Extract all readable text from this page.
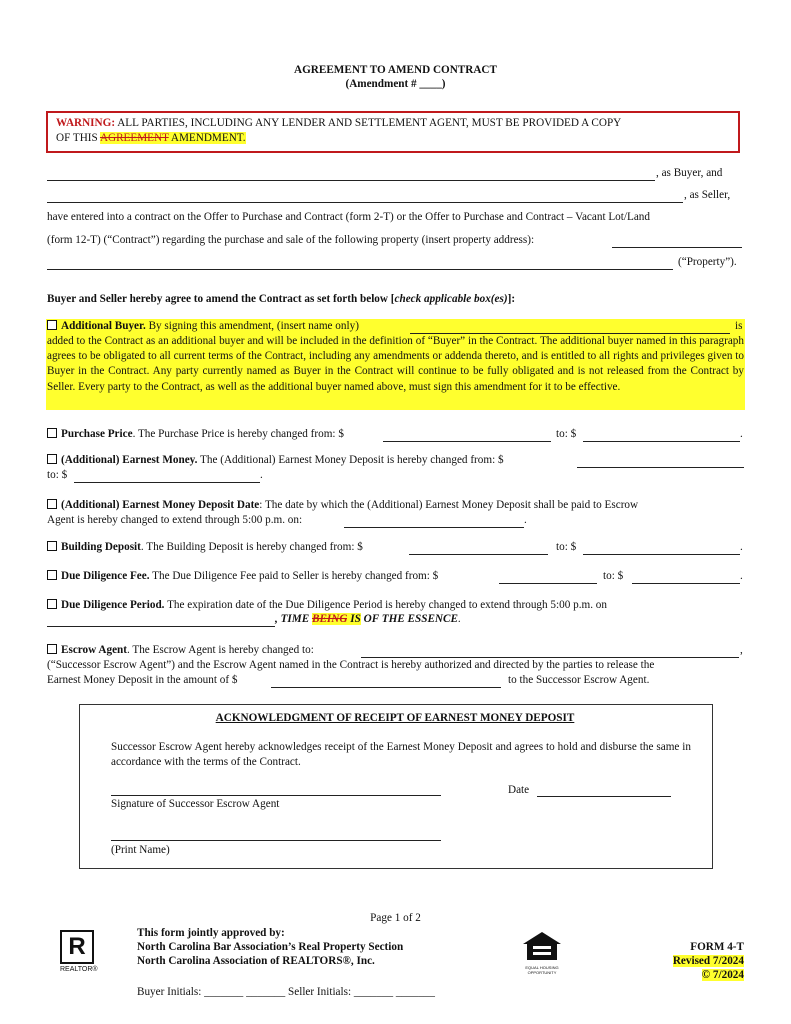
AGREEMENT TO AMEND CONTRACT
(Amendment # ____)
WARNING: ALL PARTIES, INCLUDING ANY LENDER AND SETTLEMENT AGENT, MUST BE PROVIDED A COPY
OF THIS AGREEMENT AMENDMENT.
, as Buyer, and
, as Seller,
have entered into a contract on the Offer to Purchase and Contract (form 2-T) or the Offer to Purchase and Contract – Vacant Lot/Land
(form 12-T) (“Contract”) regarding the purchase and sale of the following property (insert property address):
(“Property”).
Buyer and Seller hereby agree to amend the Contract as set forth below [check applicable box(es)]:
Additional Buyer. By signing this amendment, (insert name only)	is
added to the Contract as an additional buyer and will be included in the definition of “Buyer” in the Contract. The additional buyer named in this paragraph agrees to be obligated to all current terms of the Contract, including any amendments or addenda thereto, and is entitled to all rights and privileges given to Buyer in the Contract. Any party currently named as Buyer in the Contract will continue to be fully obligated and is not released from the Contract by Seller. Every party to the Contract, as well as the additional buyer named above, must sign this amendment for it to be effective.
Purchase Price. The Purchase Price is hereby changed from: $	to: $	.
(Additional) Earnest Money. The (Additional) Earnest Money Deposit is hereby changed from: $
to: $	.
(Additional) Earnest Money Deposit Date: The date by which the (Additional) Earnest Money Deposit shall be paid to Escrow
Agent is hereby changed to extend through 5:00 p.m. on:	.
Building Deposit. The Building Deposit is hereby changed from: $	to: $	.
Due Diligence Fee. The Due Diligence Fee paid to Seller is hereby changed from: $	to: $	.
Due Diligence Period. The expiration date of the Due Diligence Period is hereby changed to extend through 5:00 p.m. on
, TIME BEING IS OF THE ESSENCE.
Escrow Agent. The Escrow Agent is hereby changed to:	,
(“Successor Escrow Agent”) and the Escrow Agent named in the Contract is hereby authorized and directed by the parties to release the
Earnest Money Deposit in the amount of $	to the Successor Escrow Agent.
ACKNOWLEDGMENT OF RECEIPT OF EARNEST MONEY DEPOSIT
Successor Escrow Agent hereby acknowledges receipt of the Earnest Money Deposit and agrees to hold and disburse the same in accordance with the terms of the Contract.
Date
Signature of Successor Escrow Agent
(Print Name)
Page 1 of 2
R
REALTOR®
This form jointly approved by:
North Carolina Bar Association’s Real Property Section
North Carolina Association of REALTORS®, Inc.
Buyer Initials: _______ _______ Seller Initials: _______ _______
EQUAL HOUSING OPPORTUNITY
FORM 4-T
Revised 7/2024
© 7/2024
